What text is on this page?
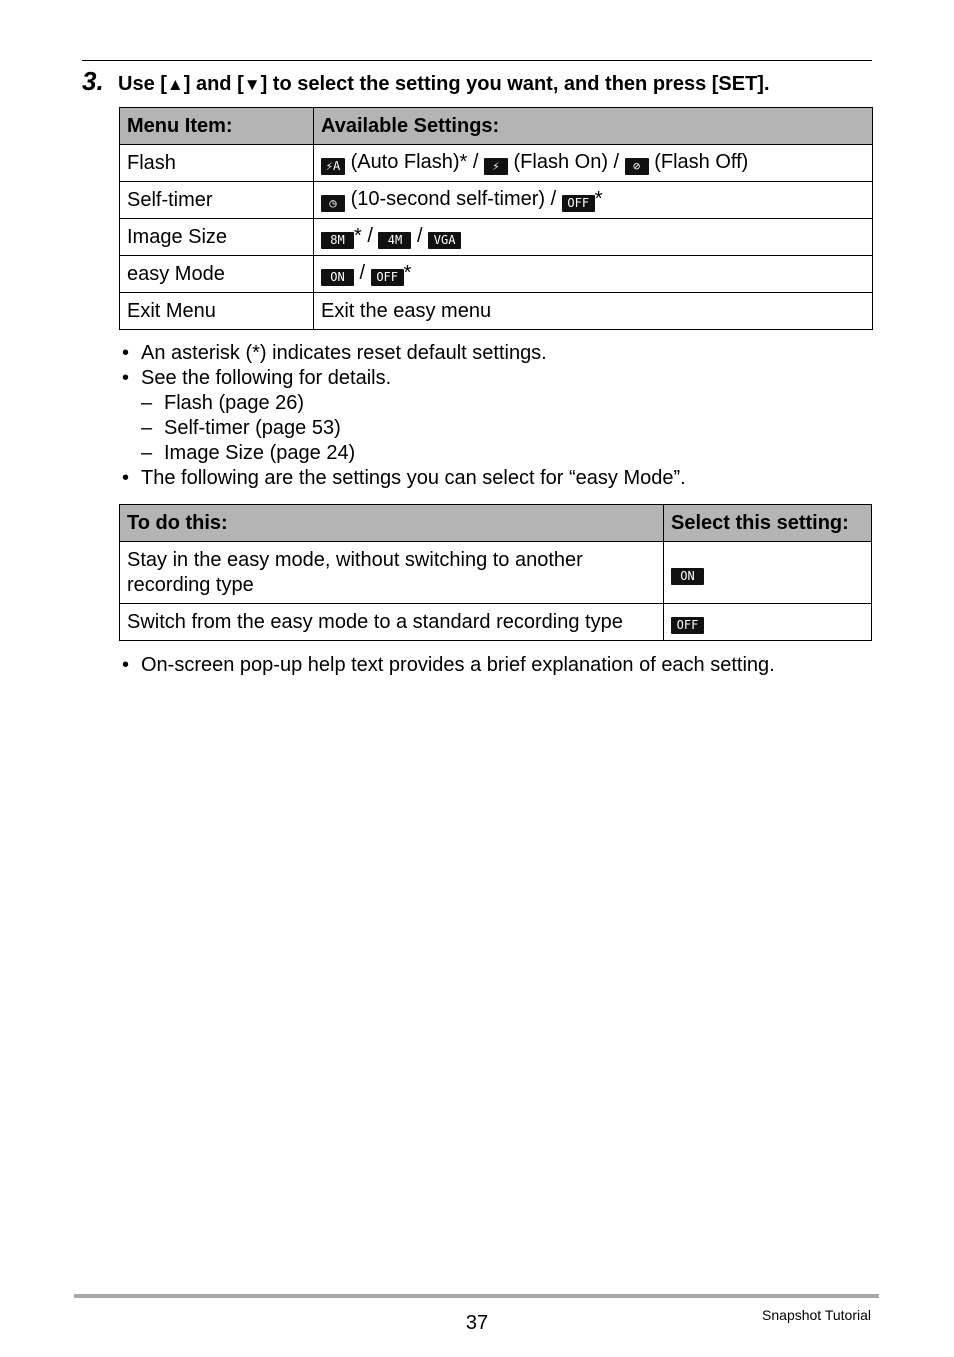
3. Use [▲] and [▼] to select the setting you want, and then press [SET].
Menu Item:	Available Settings:
Flash	⚡A (Auto Flash)* / ⚡ (Flash On) / ⊘ (Flash Off)
Self-timer	◷ (10-second self-timer) / OFF *
Image Size	8M * / 4M / VGA
easy Mode	ON / OFF *
Exit Menu	Exit the easy menu
• An asterisk (*) indicates reset default settings.
• See the following for details.
– Flash (page 26)
– Self-timer (page 53)
– Image Size (page 24)
• The following are the settings you can select for “easy Mode”.
To do this:	Select this setting:
Stay in the easy mode, without switching to another
recording type	ON
Switch from the easy mode to a standard recording type	OFF
• On-screen pop-up help text provides a brief explanation of each setting.
37	Snapshot Tutorial
